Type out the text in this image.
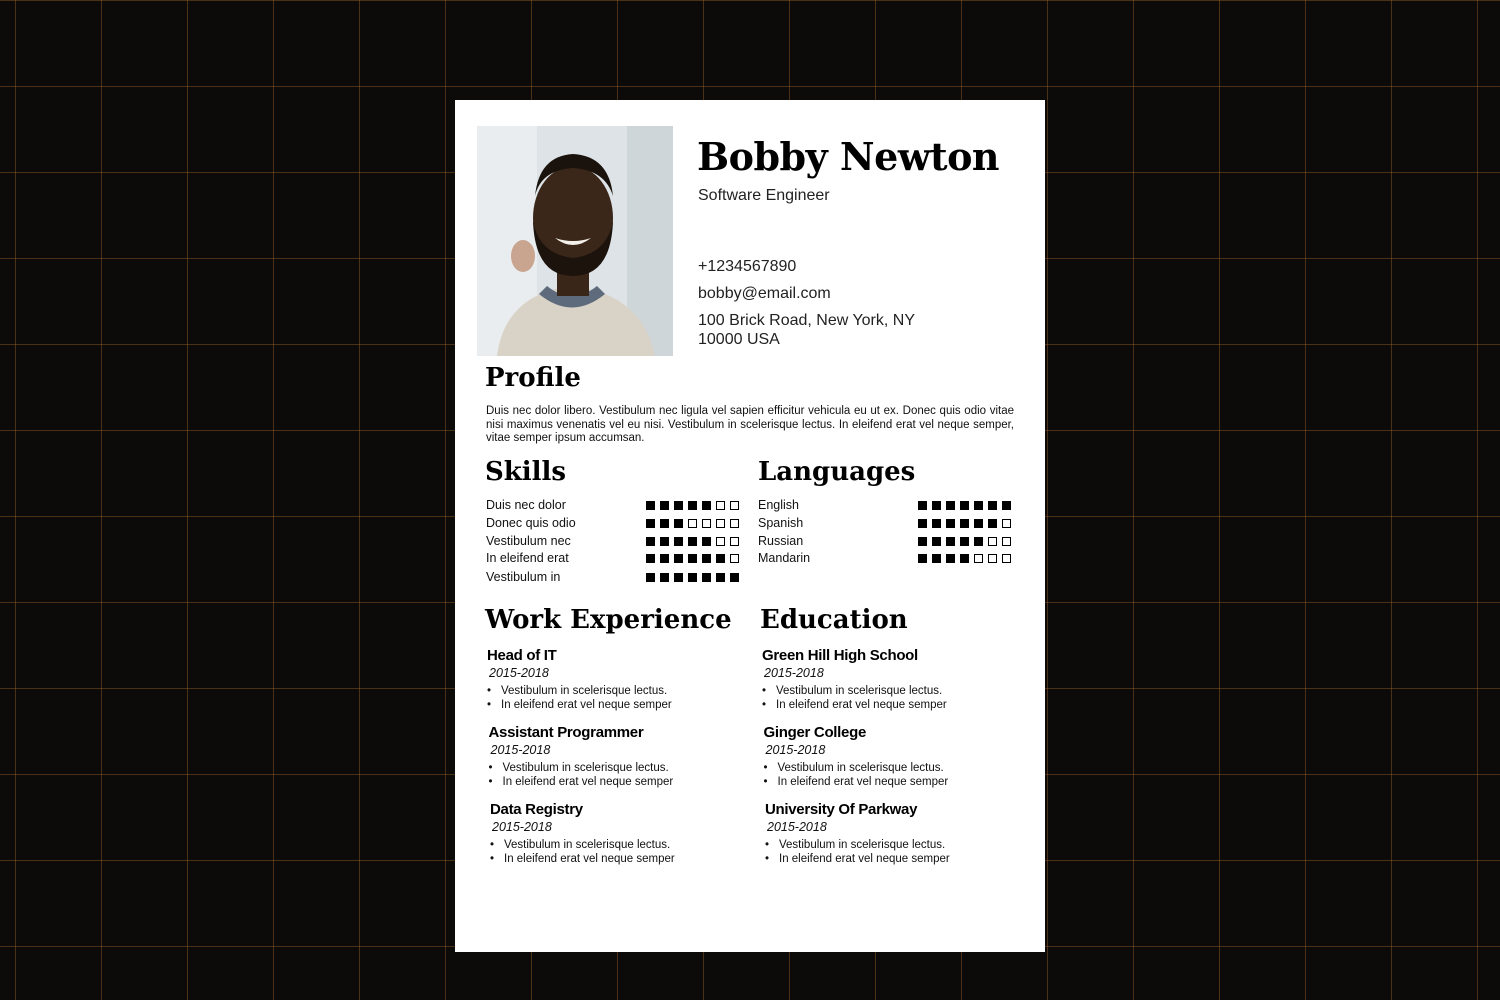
Bobby Newton
Software Engineer
+1234567890
bobby@email.com
100 Brick Road, New York, NY 10000 USA
Profile
Duis nec dolor libero. Vestibulum nec ligula vel sapien efficitur vehicula eu ut ex. Donec quis odio vitae nisi maximus venenatis vel eu nisi. Vestibulum in scelerisque lectus. In eleifend erat vel neque semper, vitae semper ipsum accumsan.
Skills
Duis nec dolor
Donec quis odio
Vestibulum nec
In eleifend erat
Vestibulum in
Languages
English
Spanish
Russian
Mandarin
Work Experience
Head of IT
2015-2018
• Vestibulum in scelerisque lectus.
• In eleifend erat vel neque semper
Assistant Programmer
2015-2018
• Vestibulum in scelerisque lectus.
• In eleifend erat vel neque semper
Data Registry
2015-2018
• Vestibulum in scelerisque lectus.
• In eleifend erat vel neque semper
Education
Green Hill High School
2015-2018
• Vestibulum in scelerisque lectus.
• In eleifend erat vel neque semper
Ginger College
2015-2018
• Vestibulum in scelerisque lectus.
• In eleifend erat vel neque semper
University Of Parkway
2015-2018
• Vestibulum in scelerisque lectus.
• In eleifend erat vel neque semper
